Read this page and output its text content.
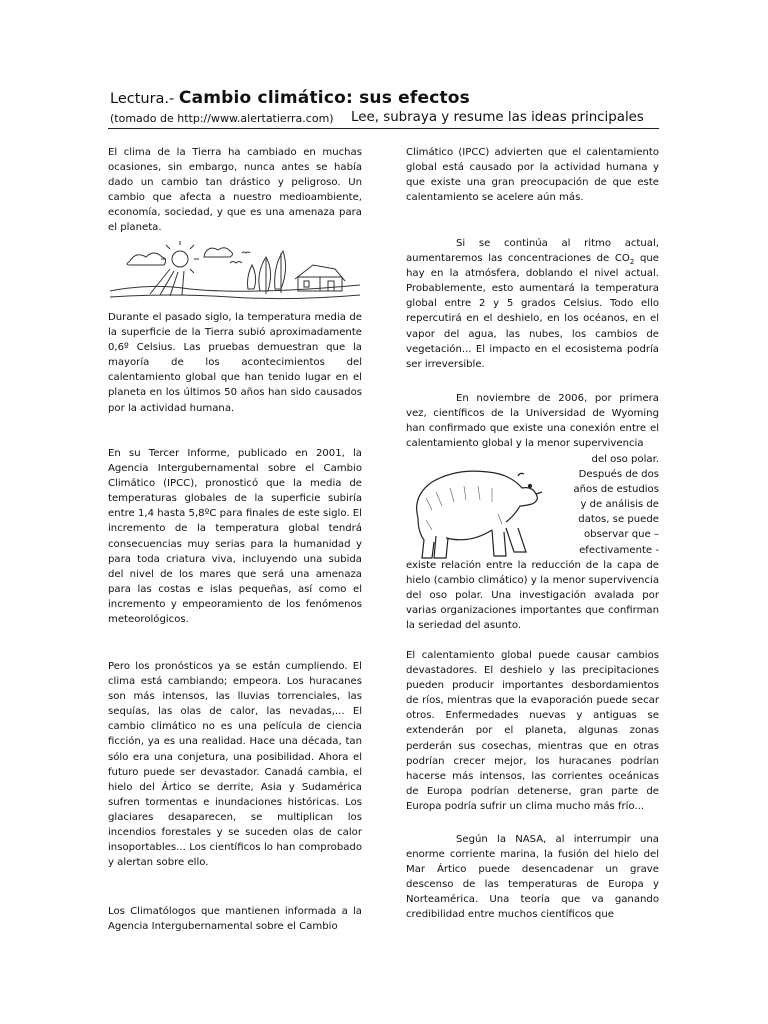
Lectura.- Cambio climático: sus efectos
(tomado de http://www.alertatierra.com) Lee, subraya y resume las ideas principales

El clima de la Tierra ha cambiado en muchas ocasiones, sin embargo, nunca antes se había dado un cambio tan drástico y peligroso. Un cambio que afecta a nuestro medioambiente, economía, sociedad, y que es una amenaza para el planeta.

Durante el pasado siglo, la temperatura media de la superficie de la Tierra subió aproximadamente 0,6º Celsius. Las pruebas demuestran que la mayoría de los acontecimientos del calentamiento global que han tenido lugar en el planeta en los últimos 50 años han sido causados por la actividad humana.

En su Tercer Informe, publicado en 2001, la Agencia Intergubernamental sobre el Cambio Climático (IPCC), pronosticó que la media de temperaturas globales de la superficie subiría entre 1,4 hasta 5,8ºC para finales de este siglo. El incremento de la temperatura global tendrá consecuencias muy serias para la humanidad y para toda criatura viva, incluyendo una subida del nivel de los mares que será una amenaza para las costas e islas pequeñas, así como el incremento y empeoramiento de los fenómenos meteorológicos.

Pero los pronósticos ya se están cumpliendo. El clima está cambiando; empeora. Los huracanes son más intensos, las lluvias torrenciales, las sequías, las olas de calor, las nevadas,... El cambio climático no es una película de ciencia ficción, ya es una realidad. Hace una década, tan sólo era una conjetura, una posibilidad. Ahora el futuro puede ser devastador. Canadá cambia, el hielo del Ártico se derrite, Asia y Sudamérica sufren tormentas e inundaciones históricas. Los glaciares desaparecen, se multiplican los incendios forestales y se suceden olas de calor insoportables... Los científicos lo han comprobado y alertan sobre ello.

Los Climatólogos que mantienen informada a la Agencia Intergubernamental sobre el Cambio

Climático (IPCC) advierten que el calentamiento global está causado por la actividad humana y que existe una gran preocupación de que este calentamiento se acelere aún más.

Si se continúa al ritmo actual, aumentaremos las concentraciones de $CO_2$ que hay en la atmósfera, doblando el nivel actual. Probablemente, esto aumentará la temperatura global entre 2 y 5 grados Celsius. Todo ello repercutirá en el deshielo, en los océanos, en el vapor del agua, las nubes, los cambios de vegetación... El impacto en el ecosistema podría ser irreversible.

En noviembre de 2006, por primera vez, científicos de la Universidad de Wyoming han confirmado que existe una conexión entre el calentamiento global y la menor supervivencia

del oso polar.
Después de dos
años de estudios
y de análisis de
datos, se puede
observar que –
efectivamente -

existe relación entre la reducción de la capa de hielo (cambio climático) y la menor supervivencia del oso polar. Una investigación avalada por varias organizaciones importantes que confirman la seriedad del asunto.

El calentamiento global puede causar cambios devastadores. El deshielo y las precipitaciones pueden producir importantes desbordamientos de ríos, mientras que la evaporación puede secar otros. Enfermedades nuevas y antiguas se extenderán por el planeta, algunas zonas perderán sus cosechas, mientras que en otras podrían crecer mejor, los huracanes podrían hacerse más intensos, las corrientes oceánicas de Europa podrían detenerse, gran parte de Europa podría sufrir un clima mucho más frío...

Según la NASA, al interrumpir una enorme corriente marina, la fusión del hielo del Mar Ártico puede desencadenar un grave descenso de las temperaturas de Europa y Norteamérica. Una teoría que va ganando credibilidad entre muchos científicos que
